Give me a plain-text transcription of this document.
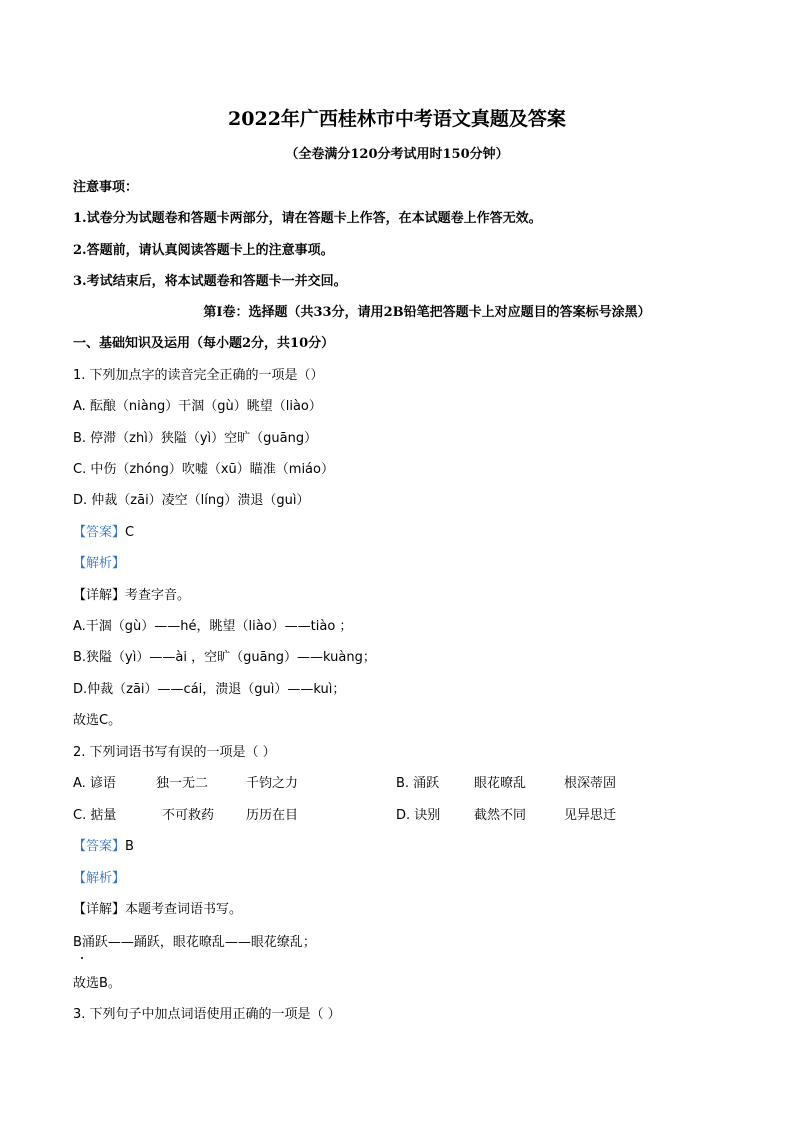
2022年广西桂林市中考语文真题及答案
（全卷满分120分考试用时150分钟）
注意事项：
1.试卷分为试题卷和答题卡两部分，请在答题卡上作答，在本试题卷上作答无效。
2.答题前，请认真阅读答题卡上的注意事项。
3.考试结束后，将本试题卷和答题卡一并交回。
第Ⅰ卷：选择题（共33分，请用2B铅笔把答题卡上对应题目的答案标号涂黑）
一、基础知识及运用（每小题2分，共10分）
1. 下列加点字的读音完全正确的一项是（）
A. 酝酿（niàng）干涸（gù）眺望（liào）
B. 停滞（zhì）狭隘（yì）空旷（guāng）
C. 中伤（zhóng）吹嘘（xū）瞄准（miáo）
D. 仲裁（zāi）凌空（líng）溃退（guì）
【答案】C
【解析】
【详解】考查字音。
A.干涸（gù）——hé，眺望（liào）——tiào ；
B.狭隘（yì）——ài ，空旷（guāng）——kuàng；
D.仲裁（zāi）——cái，溃退（guì）——kuì；
故选C。
2. 下列词语书写有误的一项是（ ）
A. 谚语	独一无二	千钧之力	B. 涌跃	眼花暸乱	根深蒂固
C. 掂量	不可救药 历历在目	D. 诀别	截然不同	见异思迁
【答案】B
【解析】
【详解】本题考查词语书写。
B涌跃——踊跃，眼花暸乱——眼花缭乱；
故选B。
3. 下列句子中加点词语使用正确的一项是（ ）
